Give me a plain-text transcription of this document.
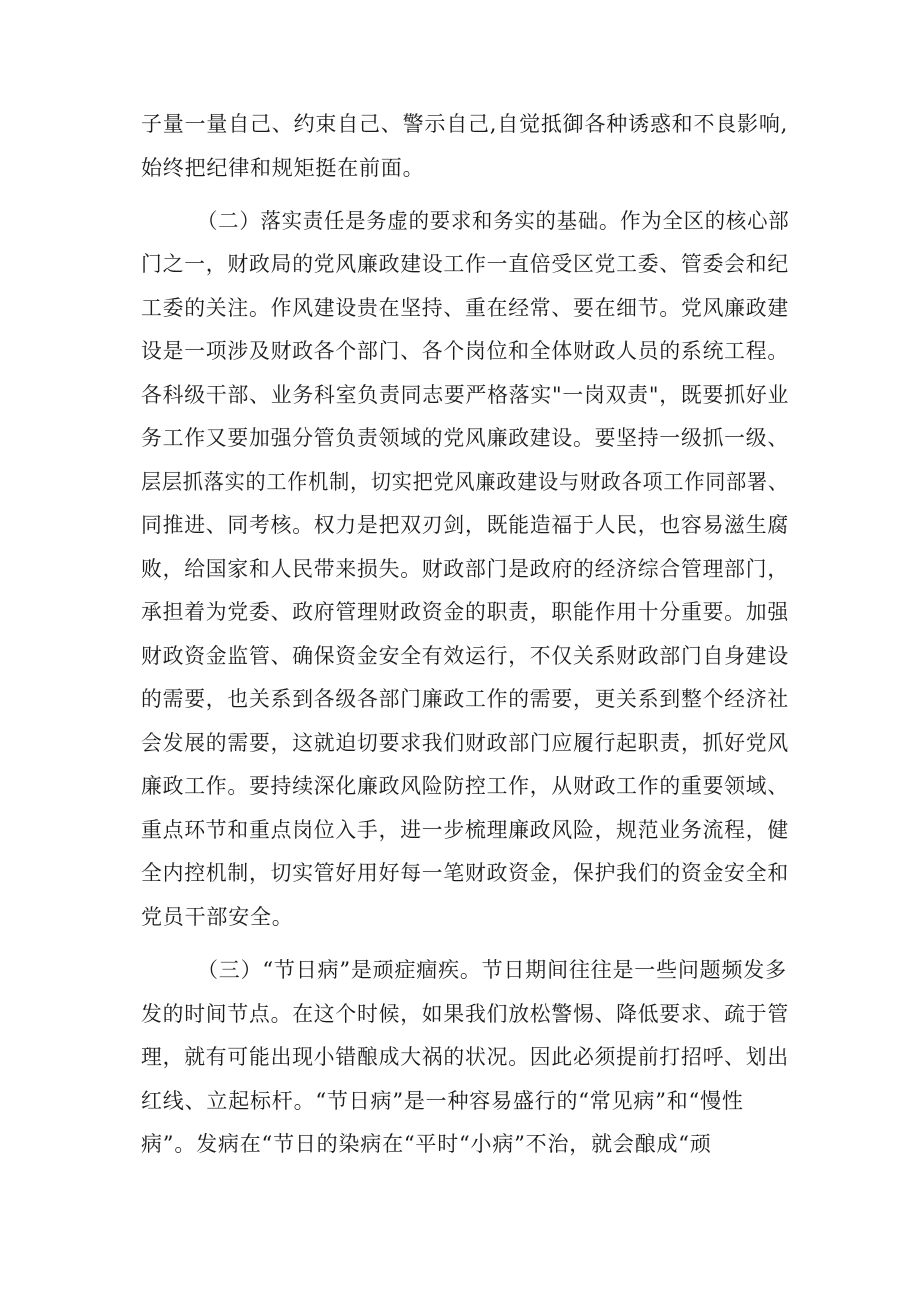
子量一量自己、约束自己、警示自己,自觉抵御各种诱惑和不良影响,
始终把纪律和规矩挺在前面。
（二）落实责任是务虚的要求和务实的基础。作为全区的核心部
门之一，财政局的党风廉政建设工作一直倍受区党工委、管委会和纪
工委的关注。作风建设贵在坚持、重在经常、要在细节。党风廉政建
设是一项涉及财政各个部门、各个岗位和全体财政人员的系统工程。
各科级干部、业务科室负责同志要严格落实"一岗双责"，既要抓好业
务工作又要加强分管负责领域的党风廉政建设。要坚持一级抓一级、
层层抓落实的工作机制，切实把党风廉政建设与财政各项工作同部署、
同推进、同考核。权力是把双刃剑，既能造福于人民，也容易滋生腐
败，给国家和人民带来损失。财政部门是政府的经济综合管理部门，
承担着为党委、政府管理财政资金的职责，职能作用十分重要。加强
财政资金监管、确保资金安全有效运行，不仅关系财政部门自身建设
的需要，也关系到各级各部门廉政工作的需要，更关系到整个经济社
会发展的需要，这就迫切要求我们财政部门应履行起职责，抓好党风
廉政工作。要持续深化廉政风险防控工作，从财政工作的重要领域、
重点环节和重点岗位入手，进一步梳理廉政风险，规范业务流程，健
全内控机制，切实管好用好每一笔财政资金，保护我们的资金安全和
党员干部安全。
（三）“节日病”是顽症痼疾。节日期间往往是一些问题频发多
发的时间节点。在这个时候，如果我们放松警惕、降低要求、疏于管
理，就有可能出现小错酿成大祸的状况。因此必须提前打招呼、划出
红线、立起标杆。“节日病”是一种容易盛行的“常见病”和“慢性
病”。发病在“节日的染病在“平时“小病”不治，就会酿成“顽
